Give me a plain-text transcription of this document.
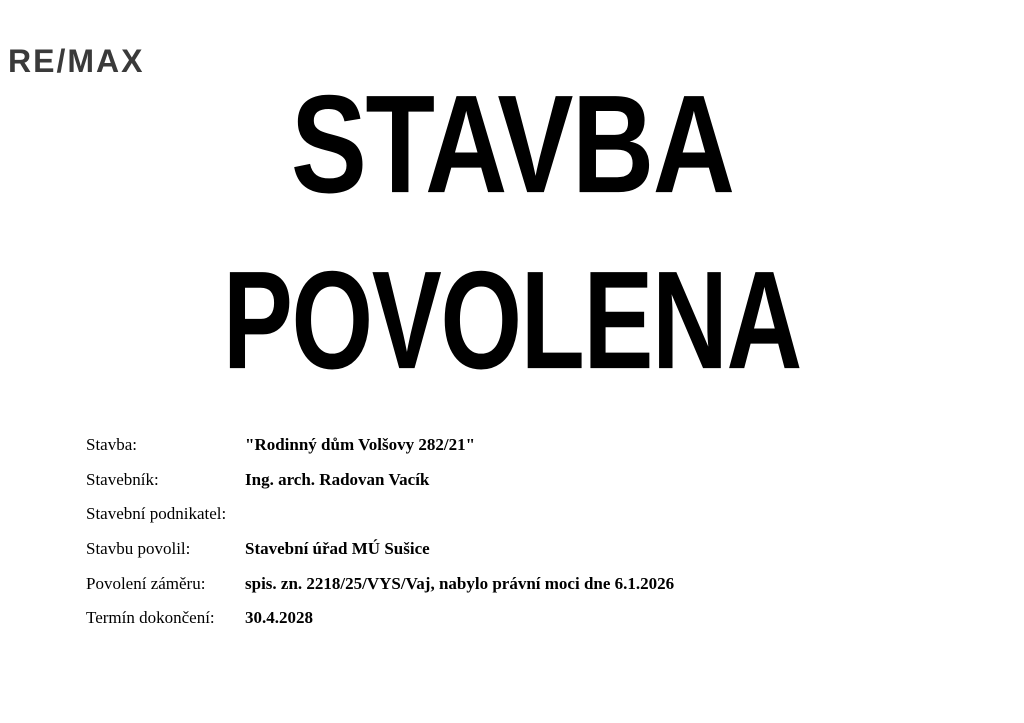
RE/MAX
STAVBA
POVOLENA
Stavba:	"Rodinný dům Volšovy 282/21"
Stavebník:	Ing. arch. Radovan Vacík
Stavební podnikatel:
Stavbu povolil:	Stavební úřad MÚ Sušice
Povolení záměru:	spis. zn. 2218/25/VYS/Vaj, nabylo právní moci dne 6.1.2026
Termín dokončení:	30.4.2028
